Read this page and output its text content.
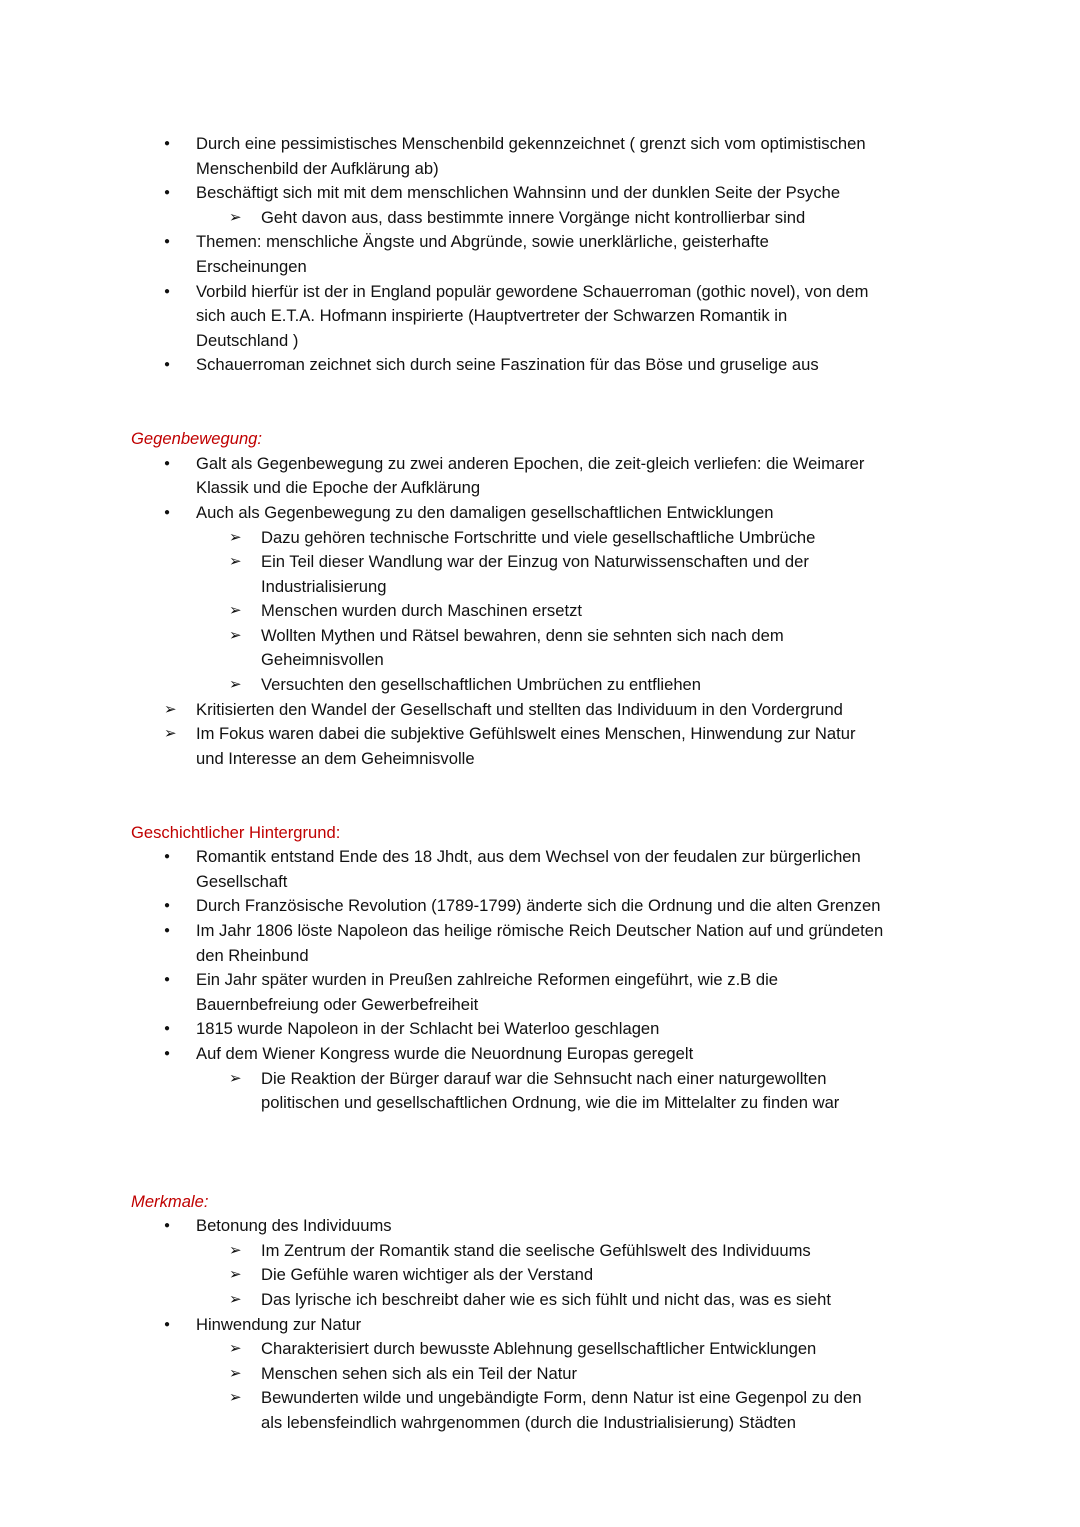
● Durch eine pessimistisches Menschenbild gekennzeichnet ( grenzt sich vom optimistischen
Menschenbild der Aufklärung ab)
● Beschäftigt sich mit mit dem menschlichen Wahnsinn und der dunklen Seite der Psyche
➢ Geht davon aus, dass bestimmte innere Vorgänge nicht kontrollierbar sind
● Themen: menschliche Ängste und Abgründe, sowie unerklärliche, geisterhafte
Erscheinungen
● Vorbild hierfür ist der in England populär gewordene Schauerroman (gothic novel), von dem
sich auch E.T.A. Hofmann inspirierte (Hauptvertreter der Schwarzen Romantik in
Deutschland )
● Schauerroman zeichnet sich durch seine Faszination für das Böse und gruselige aus
Gegenbewegung:
● Galt als Gegenbewegung zu zwei anderen Epochen, die zeit-gleich verliefen: die Weimarer
Klassik und die Epoche der Aufklärung
● Auch als Gegenbewegung zu den damaligen gesellschaftlichen Entwicklungen
➢ Dazu gehören technische Fortschritte und viele gesellschaftliche Umbrüche
➢ Ein Teil dieser Wandlung war der Einzug von Naturwissenschaften und der
Industrialisierung
➢ Menschen wurden durch Maschinen ersetzt
➢ Wollten Mythen und Rätsel bewahren, denn sie sehnten sich nach dem
Geheimnisvollen
➢ Versuchten den gesellschaftlichen Umbrüchen zu entfliehen
➢ Kritisierten den Wandel der Gesellschaft und stellten das Individuum in den Vordergrund
➢ Im Fokus waren dabei die subjektive Gefühlswelt eines Menschen, Hinwendung zur Natur
und Interesse an dem Geheimnisvolle
Geschichtlicher Hintergrund:
● Romantik entstand Ende des 18 Jhdt, aus dem Wechsel von der feudalen zur bürgerlichen
Gesellschaft
● Durch Französische Revolution (1789-1799) änderte sich die Ordnung und die alten Grenzen
● Im Jahr 1806 löste Napoleon das heilige römische Reich Deutscher Nation auf und gründeten
den Rheinbund
● Ein Jahr später wurden in Preußen zahlreiche Reformen eingeführt, wie z.B die
Bauernbefreiung oder Gewerbefreiheit
● 1815 wurde Napoleon in der Schlacht bei Waterloo geschlagen
● Auf dem Wiener Kongress wurde die Neuordnung Europas geregelt
➢ Die Reaktion der Bürger darauf war die Sehnsucht nach einer naturgewollten
politischen und gesellschaftlichen Ordnung, wie die im Mittelalter zu finden war
Merkmale:
● Betonung des Individuums
➢ Im Zentrum der Romantik stand die seelische Gefühlswelt des Individuums
➢ Die Gefühle waren wichtiger als der Verstand
➢ Das lyrische ich beschreibt daher wie es sich fühlt und nicht das, was es sieht
● Hinwendung zur Natur
➢ Charakterisiert durch bewusste Ablehnung gesellschaftlicher Entwicklungen
➢ Menschen sehen sich als ein Teil der Natur
➢ Bewunderten wilde und ungebändigte Form, denn Natur ist eine Gegenpol zu den
als lebensfeindlich wahrgenommen (durch die Industrialisierung) Städten
